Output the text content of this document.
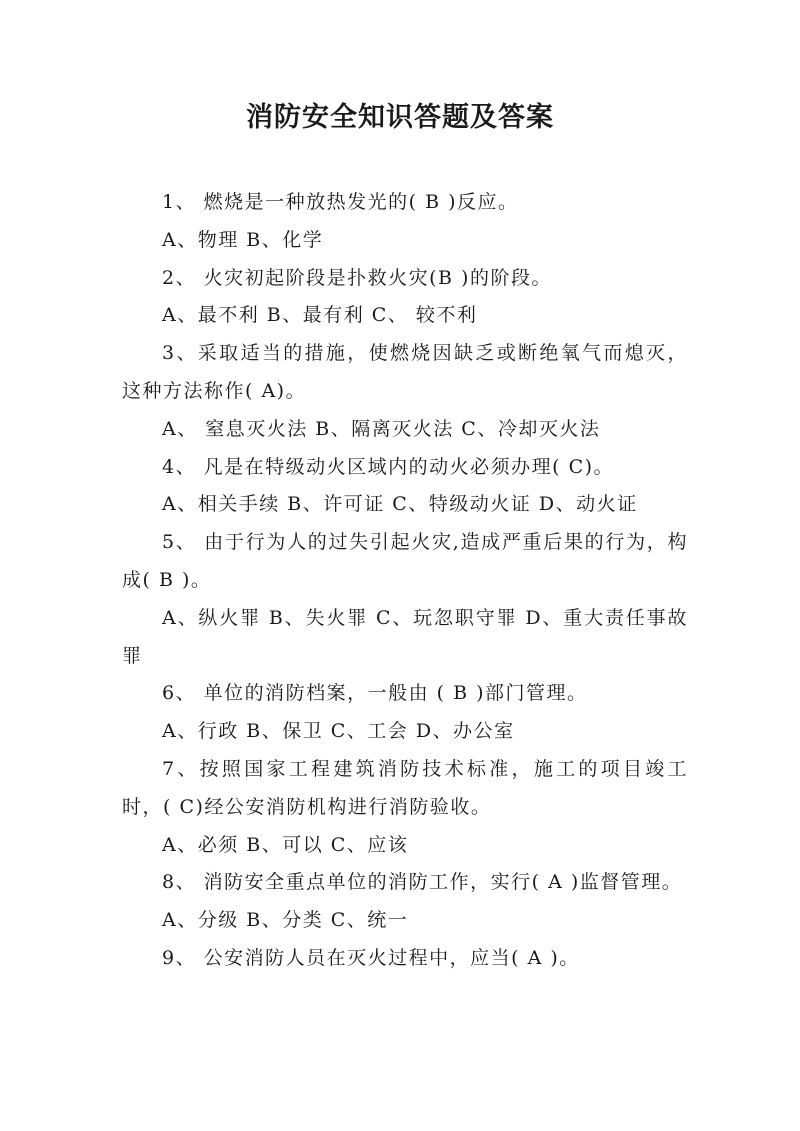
消防安全知识答题及答案

1、 燃烧是一种放热发光的( B )反应。

A、物理 B、化学

2、 火灾初起阶段是扑救火灾(B )的阶段。

A、最不利 B、最有利 C、 较不利

3、采取适当的措施，使燃烧因缺乏或断绝氧气而熄灭，这种方法称作( A)。

A、 窒息灭火法 B、隔离灭火法 C、冷却灭火法

4、 凡是在特级动火区域内的动火必须办理( C)。

A、相关手续 B、许可证 C、特级动火证 D、动火证

5、 由于行为人的过失引起火灾,造成严重后果的行为，构成( B )。

A、纵火罪 B、失火罪 C、玩忽职守罪 D、重大责任事故罪

6、 单位的消防档案，一般由 ( B )部门管理。

A、行政 B、保卫 C、工会 D、办公室

7、按照国家工程建筑消防技术标准，施工的项目竣工时，( C)经公安消防机构进行消防验收。

A、必须 B、可以 C、应该

8、 消防安全重点单位的消防工作，实行( A )监督管理。

A、分级 B、分类 C、统一

9、 公安消防人员在灭火过程中，应当( A )。
